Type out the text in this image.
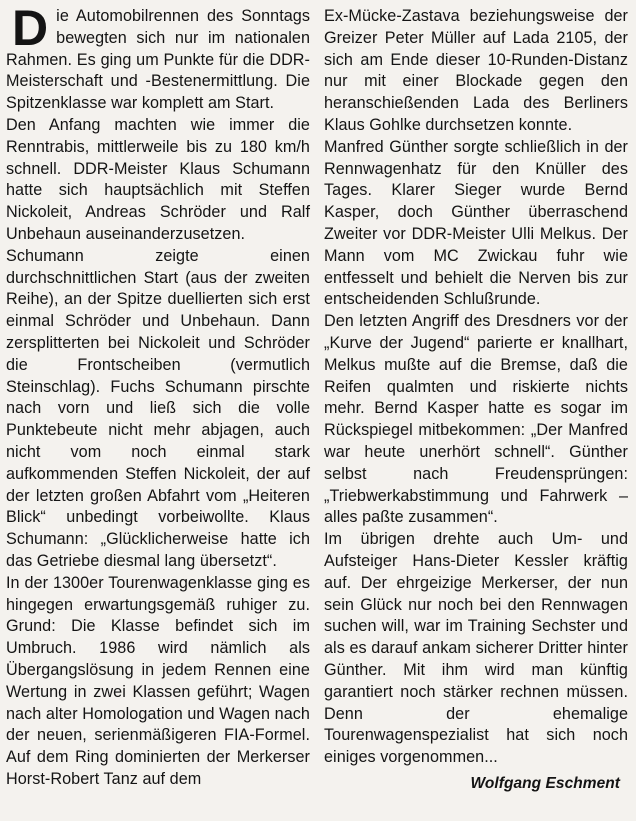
Die Automobilrennen des Sonntags bewegten sich nur im nationalen Rahmen. Es ging um Punkte für die DDR-Meisterschaft und -Bestenermittlung. Die Spitzenklasse war komplett am Start.

Den Anfang machten wie immer die Renntrabis, mittlerweile bis zu 180 km/h schnell. DDR-Meister Klaus Schumann hatte sich hauptsächlich mit Steffen Nickoleit, Andreas Schröder und Ralf Unbehaun auseinanderzusetzen.

Schumann zeigte einen durchschnittlichen Start (aus der zweiten Reihe), an der Spitze duellierten sich erst einmal Schröder und Unbehaun. Dann zersplitterten bei Nickoleit und Schröder die Frontscheiben (vermutlich Steinschlag). Fuchs Schumann pirschte nach vorn und ließ sich die volle Punktebeute nicht mehr abjagen, auch nicht vom noch einmal stark aufkommenden Steffen Nickoleit, der auf der letzten großen Abfahrt vom „Heiteren Blick“ unbedingt vorbeiwollte. Klaus Schumann: „Glücklicherweise hatte ich das Getriebe diesmal lang übersetzt“.

In der 1300er Tourenwagenklasse ging es hingegen erwartungsgemäß ruhiger zu. Grund: Die Klasse befindet sich im Umbruch. 1986 wird nämlich als Übergangslösung in jedem Rennen eine Wertung in zwei Klassen geführt; Wagen nach alter Homologation und Wagen nach der neuen, serienmäßigeren FIA-Formel. Auf dem Ring dominierten der Merkerser Horst-Robert Tanz auf dem

Ex-Mücke-Zastava beziehungsweise der Greizer Peter Müller auf Lada 2105, der sich am Ende dieser 10-Runden-Distanz nur mit einer Blockade gegen den heranschießenden Lada des Berliners Klaus Gohlke durchsetzen konnte.

Manfred Günther sorgte schließlich in der Rennwagenhatz für den Knüller des Tages. Klarer Sieger wurde Bernd Kasper, doch Günther überraschend Zweiter vor DDR-Meister Ulli Melkus. Der Mann vom MC Zwickau fuhr wie entfesselt und behielt die Nerven bis zur entscheidenden Schlußrunde.

Den letzten Angriff des Dresdners vor der „Kurve der Jugend“ parierte er knallhart, Melkus mußte auf die Bremse, daß die Reifen qualmten und riskierte nichts mehr. Bernd Kasper hatte es sogar im Rückspiegel mitbekommen: „Der Manfred war heute unerhört schnell“. Günther selbst nach Freudensprüngen: „Triebwerkabstimmung und Fahrwerk – alles paßte zusammen“.

Im übrigen drehte auch Um- und Aufsteiger Hans-Dieter Kessler kräftig auf. Der ehrgeizige Merkerser, der nun sein Glück nur noch bei den Rennwagen suchen will, war im Training Sechster und als es darauf ankam sicherer Dritter hinter Günther. Mit ihm wird man künftig garantiert noch stärker rechnen müssen. Denn der ehemalige Tourenwagenspezialist hat sich noch einiges vorgenommen...

Wolfgang Eschment
